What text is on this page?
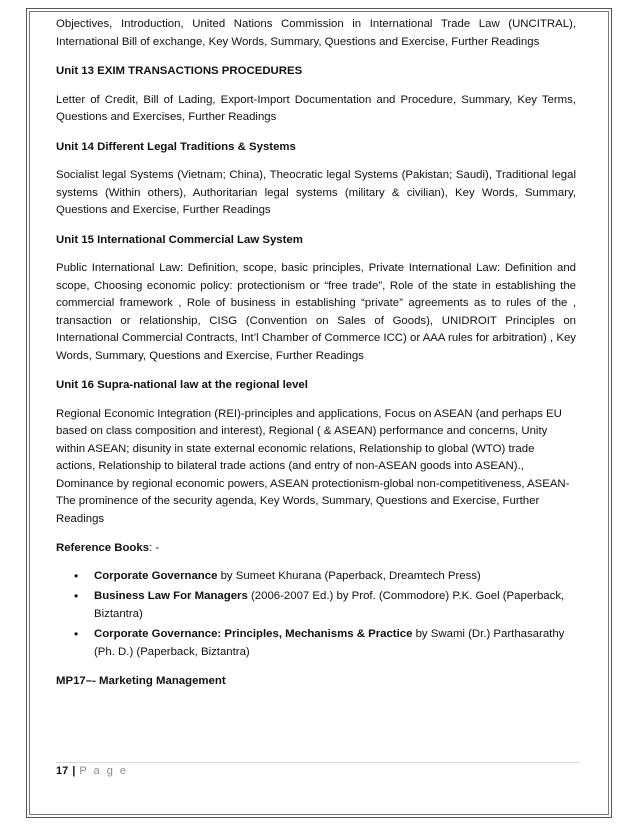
Objectives, Introduction, United Nations Commission in International Trade Law (UNCITRAL), International Bill of exchange, Key Words, Summary, Questions and Exercise, Further Readings

Unit 13 EXIM TRANSACTIONS PROCEDURES

Letter of Credit, Bill of Lading, Export-Import Documentation and Procedure, Summary, Key Terms, Questions and Exercises, Further Readings

Unit 14 Different Legal Traditions & Systems

Socialist legal Systems (Vietnam; China), Theocratic legal Systems (Pakistan; Saudi), Traditional legal systems (Within others), Authoritarian legal systems (military & civilian), Key Words, Summary, Questions and Exercise, Further Readings

Unit 15 International Commercial Law System

Public International Law: Definition, scope, basic principles, Private International Law: Definition and scope, Choosing economic policy: protectionism or “free trade”, Role of the state in establishing the commercial framework , Role of business in establishing “private” agreements as to rules of the , transaction or relationship, CISG (Convention on Sales of Goods), UNIDROIT Principles on International Commercial Contracts, Int’l Chamber of Commerce ICC) or AAA rules for arbitration) , Key Words, Summary, Questions and Exercise, Further Readings

Unit 16 Supra-national law at the regional level

Regional Economic Integration (REI)-principles and applications, Focus on ASEAN (and perhaps EU based on class composition and interest), Regional ( & ASEAN) performance and concerns, Unity within ASEAN; disunity in state external economic relations, Relationship to global (WTO) trade actions, Relationship to bilateral trade actions (and entry of non-ASEAN goods into ASEAN)., Dominance by regional economic powers, ASEAN protectionism-global non-competitiveness, ASEAN-The prominence of the security agenda, Key Words, Summary, Questions and Exercise, Further Readings

Reference Books: -

• Corporate Governance by Sumeet Khurana (Paperback, Dreamtech Press)
• Business Law For Managers (2006-2007 Ed.) by Prof. (Commodore) P.K. Goel (Paperback, Biztantra)
• Corporate Governance: Principles, Mechanisms & Practice by Swami (Dr.) Parthasarathy (Ph. D.) (Paperback, Biztantra)

MP17–- Marketing Management

17 | P a g e
